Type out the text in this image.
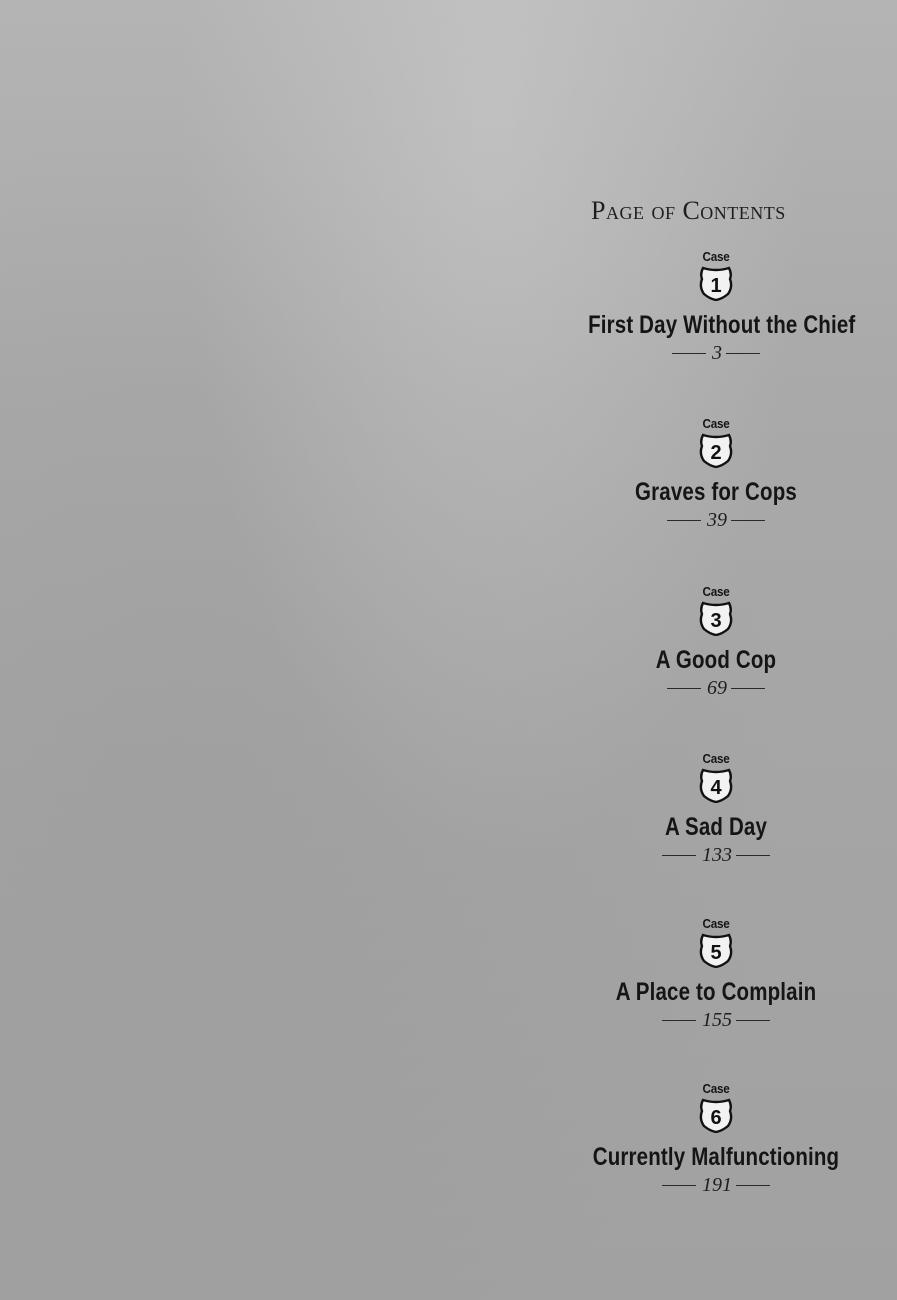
Page of Contents
Case
1
First Day Without the Chief
3
Case
2
Graves for Cops
39
Case
3
A Good Cop
69
Case
4
A Sad Day
133
Case
5
A Place to Complain
155
Case
6
Currently Malfunctioning
191
